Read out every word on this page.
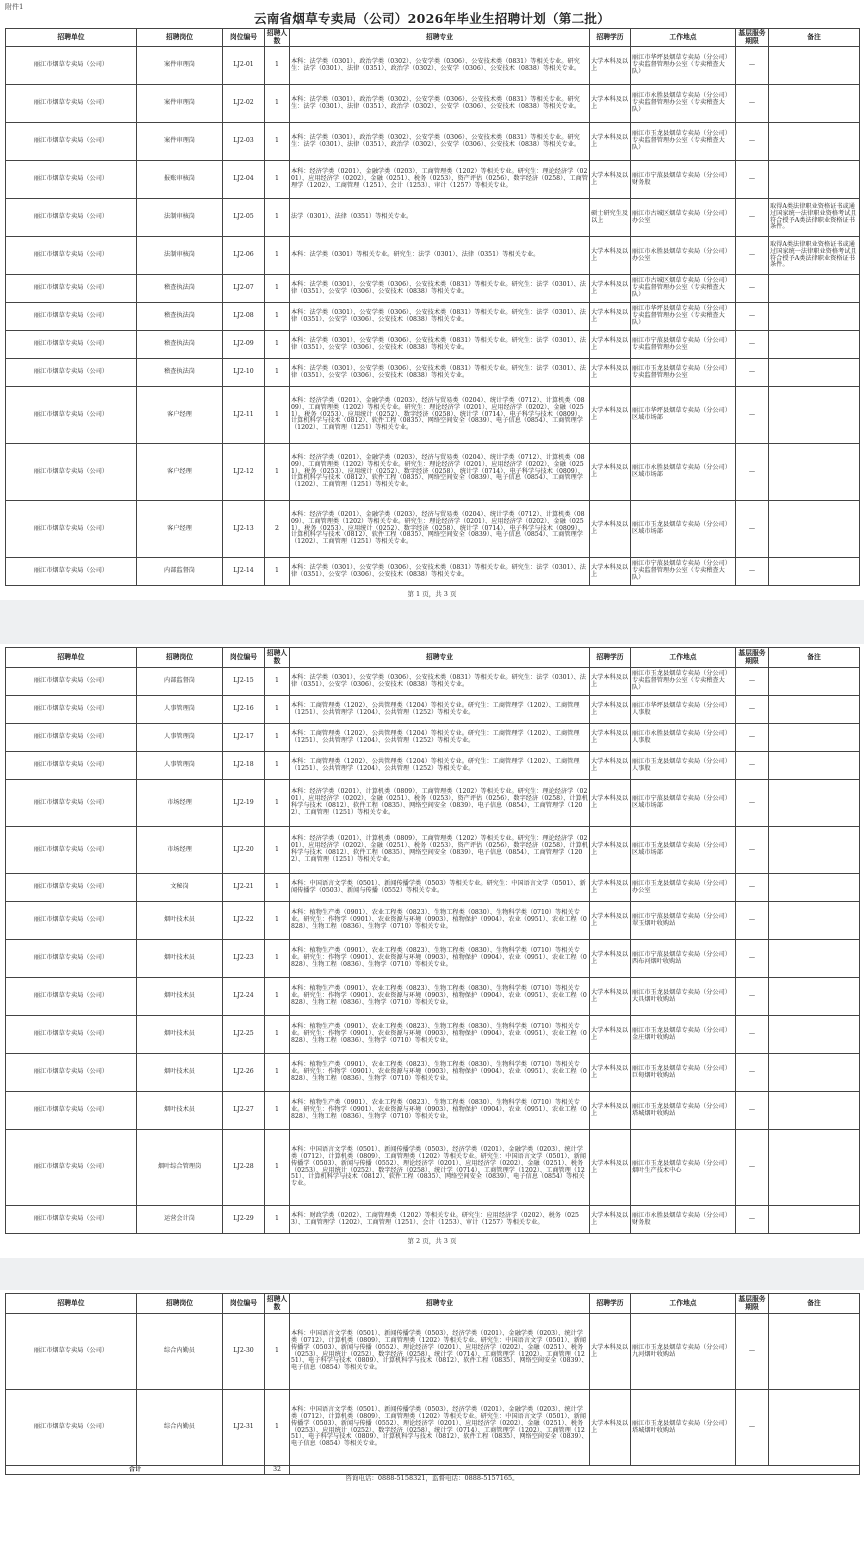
附件1
云南省烟草专卖局（公司）2026年毕业生招聘计划（第二批）
招聘单位	招聘岗位	岗位编号	招聘人数	招聘专业	招聘学历	工作地点	基层服务期限	备注
丽江市烟草专卖局（公司）	案件审理岗	LJ2-01	1	本科：法学类（0301）、政治学类（0302）、公安学类（0306）、公安技术类（0831）等相关专业。研究生：法学（0301）、法律（0351）、政治学（0302）、公安学（0306）、公安技术（0838）等相关专业。	大学本科及以上	丽江市华坪县烟草专卖局（分公司）专卖监督管理办公室（专卖稽查大队）	—	
丽江市烟草专卖局（公司）	案件审理岗	LJ2-02	1	本科：法学类（0301）、政治学类（0302）、公安学类（0306）、公安技术类（0831）等相关专业。研究生：法学（0301）、法律（0351）、政治学（0302）、公安学（0306）、公安技术（0838）等相关专业。	大学本科及以上	丽江市永胜县烟草专卖局（分公司）专卖监督管理办公室（专卖稽查大队）	—	
丽江市烟草专卖局（公司）	案件审理岗	LJ2-03	1	本科：法学类（0301）、政治学类（0302）、公安学类（0306）、公安技术类（0831）等相关专业。研究生：法学（0301）、法律（0351）、政治学（0302）、公安学（0306）、公安技术（0838）等相关专业。	大学本科及以上	丽江市玉龙县烟草专卖局（分公司）专卖监督管理办公室（专卖稽查大队）	—	
丽江市烟草专卖局（公司）	报账审核岗	LJ2-04	1	本科：经济学类（0201）、金融学类（0203）、工商管理类（1202）等相关专业。研究生：理论经济学（0201）、应用经济学（0202）、金融（0251）、税务（0253）、资产评估（0256）、数字经济（0258）、工商管理学（1202）、工商管理（1251）、会计（1253）、审计（1257）等相关专业。	大学本科及以上	丽江市宁蒗县烟草专卖局（分公司）财务股	—	
丽江市烟草专卖局（公司）	法制审核岗	LJ2-05	1	法学（0301）、法律（0351）等相关专业。	硕士研究生及以上	丽江市古城区烟草专卖局（分公司）办公室	—	取得A类法律职业资格证书或通过国家统一法律职业资格考试且符合授予A类法律职业资格证书条件。
丽江市烟草专卖局（公司）	法制审核岗	LJ2-06	1	本科：法学类（0301）等相关专业。研究生：法学（0301）、法律（0351）等相关专业。	大学本科及以上	丽江市永胜县烟草专卖局（分公司）办公室	—	取得A类法律职业资格证书或通过国家统一法律职业资格考试且符合授予A类法律职业资格证书条件。
丽江市烟草专卖局（公司）	稽查执法岗	LJ2-07	1	本科：法学类（0301）、公安学类（0306）、公安技术类（0831）等相关专业。研究生：法学（0301）、法律（0351）、公安学（0306）、公安技术（0838）等相关专业。	大学本科及以上	丽江市古城区烟草专卖局（分公司）专卖监督管理办公室（专卖稽查大队）	—	
丽江市烟草专卖局（公司）	稽查执法岗	LJ2-08	1	本科：法学类（0301）、公安学类（0306）、公安技术类（0831）等相关专业。研究生：法学（0301）、法律（0351）、公安学（0306）、公安技术（0838）等相关专业。	大学本科及以上	丽江市华坪县烟草专卖局（分公司）专卖监督管理办公室（专卖稽查大队）	—	
丽江市烟草专卖局（公司）	稽查执法岗	LJ2-09	1	本科：法学类（0301）、公安学类（0306）、公安技术类（0831）等相关专业。研究生：法学（0301）、法律（0351）、公安学（0306）、公安技术（0838）等相关专业。	大学本科及以上	丽江市宁蒗县烟草专卖局（分公司）专卖监督管理办公室	—	
丽江市烟草专卖局（公司）	稽查执法岗	LJ2-10	1	本科：法学类（0301）、公安学类（0306）、公安技术类（0831）等相关专业。研究生：法学（0301）、法律（0351）、公安学（0306）、公安技术（0838）等相关专业。	大学本科及以上	丽江市玉龙县烟草专卖局（分公司）专卖监督管理办公室	—	
丽江市烟草专卖局（公司）	客户经理	LJ2-11	1	本科：经济学类（0201）、金融学类（0203）、经济与贸易类（0204）、统计学类（0712）、计算机类（0809）、工商管理类（1202）等相关专业。研究生：理论经济学（0201）、应用经济学（0202）、金融（0251）、税务（0253）、应用统计（0252）、数字经济（0258）、统计学（0714）、电子科学与技术（0809）、计算机科学与技术（0812）、软件工程（0835）、网络空间安全（0839）、电子信息（0854）、工商管理学（1202）、工商管理（1251）等相关专业。	大学本科及以上	丽江市华坪县烟草专卖局（分公司）区域市场部	—	
丽江市烟草专卖局（公司）	客户经理	LJ2-12	1	本科：经济学类（0201）、金融学类（0203）、经济与贸易类（0204）、统计学类（0712）、计算机类（0809）、工商管理类（1202）等相关专业。研究生：理论经济学（0201）、应用经济学（0202）、金融（0251）、税务（0253）、应用统计（0252）、数字经济（0258）、统计学（0714）、电子科学与技术（0809）、计算机科学与技术（0812）、软件工程（0835）、网络空间安全（0839）、电子信息（0854）、工商管理学（1202）、工商管理（1251）等相关专业。	大学本科及以上	丽江市永胜县烟草专卖局（分公司）区域市场部	—	
丽江市烟草专卖局（公司）	客户经理	LJ2-13	2	本科：经济学类（0201）、金融学类（0203）、经济与贸易类（0204）、统计学类（0712）、计算机类（0809）、工商管理类（1202）等相关专业。研究生：理论经济学（0201）、应用经济学（0202）、金融（0251）、税务（0253）、应用统计（0252）、数字经济（0258）、统计学（0714）、电子科学与技术（0809）、计算机科学与技术（0812）、软件工程（0835）、网络空间安全（0839）、电子信息（0854）、工商管理学（1202）、工商管理（1251）等相关专业。	大学本科及以上	丽江市玉龙县烟草专卖局（分公司）区域市场部	—	
丽江市烟草专卖局（公司）	内部监督岗	LJ2-14	1	本科：法学类（0301）、公安学类（0306）、公安技术类（0831）等相关专业。研究生：法学（0301）、法律（0351）、公安学（0306）、公安技术（0838）等相关专业。	大学本科及以上	丽江市宁蒗县烟草专卖局（分公司）专卖监督管理办公室（专卖稽查大队）	—	
第 1 页，共 3 页
招聘单位	招聘岗位	岗位编号	招聘人数	招聘专业	招聘学历	工作地点	基层服务期限	备注
丽江市烟草专卖局（公司）	内部监督岗	LJ2-15	1	本科：法学类（0301）、公安学类（0306）、公安技术类（0831）等相关专业。研究生：法学（0301）、法律（0351）、公安学（0306）、公安技术（0838）等相关专业。	大学本科及以上	丽江市玉龙县烟草专卖局（分公司）专卖监督管理办公室（专卖稽查大队）	—	
丽江市烟草专卖局（公司）	人事管理岗	LJ2-16	1	本科：工商管理类（1202）、公共管理类（1204）等相关专业。研究生：工商管理学（1202）、工商管理（1251）、公共管理学（1204）、公共管理（1252）等相关专业。	大学本科及以上	丽江市华坪县烟草专卖局（分公司）人事股	—	
丽江市烟草专卖局（公司）	人事管理岗	LJ2-17	1	本科：工商管理类（1202）、公共管理类（1204）等相关专业。研究生：工商管理学（1202）、工商管理（1251）、公共管理学（1204）、公共管理（1252）等相关专业。	大学本科及以上	丽江市永胜县烟草专卖局（分公司）人事股	—	
丽江市烟草专卖局（公司）	人事管理岗	LJ2-18	1	本科：工商管理类（1202）、公共管理类（1204）等相关专业。研究生：工商管理学（1202）、工商管理（1251）、公共管理学（1204）、公共管理（1252）等相关专业。	大学本科及以上	丽江市玉龙县烟草专卖局（分公司）人事股	—	
丽江市烟草专卖局（公司）	市场经理	LJ2-19	1	本科：经济学类（0201）、计算机类（0809）、工商管理类（1202）等相关专业。研究生：理论经济学（0201）、应用经济学（0202）、金融（0251）、税务（0253）、资产评估（0256）、数字经济（0258）、计算机科学与技术（0812）、软件工程（0835）、网络空间安全（0839）、电子信息（0854）、工商管理学（1202）、工商管理（1251）等相关专业。	大学本科及以上	丽江市宁蒗县烟草专卖局（分公司）区域市场部	—	
丽江市烟草专卖局（公司）	市场经理	LJ2-20	1	本科：经济学类（0201）、计算机类（0809）、工商管理类（1202）等相关专业。研究生：理论经济学（0201）、应用经济学（0202）、金融（0251）、税务（0253）、资产评估（0256）、数字经济（0258）、计算机科学与技术（0812）、软件工程（0835）、网络空间安全（0839）、电子信息（0854）、工商管理学（1202）、工商管理（1251）等相关专业。	大学本科及以上	丽江市玉龙县烟草专卖局（分公司）区域市场部	—	
丽江市烟草专卖局（公司）	文秘岗	LJ2-21	1	本科：中国语言文学类（0501）、新闻传播学类（0503）等相关专业。研究生：中国语言文学（0501）、新闻传播学（0503）、新闻与传播（0552）等相关专业。	大学本科及以上	丽江市玉龙县烟草专卖局（分公司）办公室	—	
丽江市烟草专卖局（公司）	烟叶技术员	LJ2-22	1	本科：植物生产类（0901）、农业工程类（0823）、生物工程类（0830）、生物科学类（0710）等相关专业。研究生：作物学（0901）、农业资源与环境（0903）、植物保护（0904）、农业（0951）、农业工程（0828）、生物工程（0836）、生物学（0710）等相关专业。	大学本科及以上	丽江市宁蒗县烟草专卖局（分公司）翠玉烟叶收购站	—	
丽江市烟草专卖局（公司）	烟叶技术员	LJ2-23	1	本科：植物生产类（0901）、农业工程类（0823）、生物工程类（0830）、生物科学类（0710）等相关专业。研究生：作物学（0901）、农业资源与环境（0903）、植物保护（0904）、农业（0951）、农业工程（0828）、生物工程（0836）、生物学（0710）等相关专业。	大学本科及以上	丽江市宁蒗县烟草专卖局（分公司）西布河烟叶收购站	—	
丽江市烟草专卖局（公司）	烟叶技术员	LJ2-24	1	本科：植物生产类（0901）、农业工程类（0823）、生物工程类（0830）、生物科学类（0710）等相关专业。研究生：作物学（0901）、农业资源与环境（0903）、植物保护（0904）、农业（0951）、农业工程（0828）、生物工程（0836）、生物学（0710）等相关专业。	大学本科及以上	丽江市玉龙县烟草专卖局（分公司）大具烟叶收购站	—	
丽江市烟草专卖局（公司）	烟叶技术员	LJ2-25	1	本科：植物生产类（0901）、农业工程类（0823）、生物工程类（0830）、生物科学类（0710）等相关专业。研究生：作物学（0901）、农业资源与环境（0903）、植物保护（0904）、农业（0951）、农业工程（0828）、生物工程（0836）、生物学（0710）等相关专业。	大学本科及以上	丽江市玉龙县烟草专卖局（分公司）金庄烟叶收购站	—	
丽江市烟草专卖局（公司）	烟叶技术员	LJ2-26	1	本科：植物生产类（0901）、农业工程类（0823）、生物工程类（0830）、生物科学类（0710）等相关专业。研究生：作物学（0901）、农业资源与环境（0903）、植物保护（0904）、农业（0951）、农业工程（0828）、生物工程（0836）、生物学（0710）等相关专业。	大学本科及以上	丽江市玉龙县烟草专卖局（分公司）巨甸烟叶收购站	—	
丽江市烟草专卖局（公司）	烟叶技术员	LJ2-27	1	本科：植物生产类（0901）、农业工程类（0823）、生物工程类（0830）、生物科学类（0710）等相关专业。研究生：作物学（0901）、农业资源与环境（0903）、植物保护（0904）、农业（0951）、农业工程（0828）、生物工程（0836）、生物学（0710）等相关专业。	大学本科及以上	丽江市玉龙县烟草专卖局（分公司）塔城烟叶收购站	—	
丽江市烟草专卖局（公司）	烟叶综合管理岗	LJ2-28	1	本科：中国语言文学类（0501）、新闻传播学类（0503）、经济学类（0201）、金融学类（0203）、统计学类（0712）、计算机类（0809）、工商管理类（1202）等相关专业。研究生：中国语言文学（0501）、新闻传播学（0503）、新闻与传播（0552）、理论经济学（0201）、应用经济学（0202）、金融（0251）、税务（0253）、应用统计（0252）、数字经济（0258）、统计学（0714）、工商管理学（1202）、工商管理（1251）、计算机科学与技术（0812）、软件工程（0835）、网络空间安全（0839）、电子信息（0854）等相关专业。	大学本科及以上	丽江市玉龙县烟草专卖局（分公司）烟叶生产技术中心	—	
丽江市烟草专卖局（公司）	运营会计岗	LJ2-29	1	本科：财政学类（0202）、工商管理类（1202）等相关专业。研究生：应用经济学（0202）、税务（0253）、工商管理学（1202）、工商管理（1251）、会计（1253）、审计（1257）等相关专业。	大学本科及以上	丽江市永胜县烟草专卖局（分公司）财务股	—	
第 2 页，共 3 页
招聘单位	招聘岗位	岗位编号	招聘人数	招聘专业	招聘学历	工作地点	基层服务期限	备注
丽江市烟草专卖局（公司）	综合内勤员	LJ2-30	1	本科：中国语言文学类（0501）、新闻传播学类（0503）、经济学类（0201）、金融学类（0203）、统计学类（0712）、计算机类（0809）、工商管理类（1202）等相关专业。研究生：中国语言文学（0501）、新闻传播学（0503）、新闻与传播（0552）、理论经济学（0201）、应用经济学（0202）、金融（0251）、税务（0253）、应用统计（0252）、数字经济（0258）、统计学（0714）、工商管理学（1202）、工商管理（1251）、电子科学与技术（0809）、计算机科学与技术（0812）、软件工程（0835）、网络空间安全（0839）、电子信息（0854）等相关专业。	大学本科及以上	丽江市玉龙县烟草专卖局（分公司）九河烟叶收购站	—	
丽江市烟草专卖局（公司）	综合内勤员	LJ2-31	1	本科：中国语言文学类（0501）、新闻传播学类（0503）、经济学类（0201）、金融学类（0203）、统计学类（0712）、计算机类（0809）、工商管理类（1202）等相关专业。研究生：中国语言文学（0501）、新闻传播学（0503）、新闻与传播（0552）、理论经济学（0201）、应用经济学（0202）、金融（0251）、税务（0253）、应用统计（0252）、数字经济（0258）、统计学（0714）、工商管理学（1202）、工商管理（1251）、电子科学与技术（0809）、计算机科学与技术（0812）、软件工程（0835）、网络空间安全（0839）、电子信息（0854）等相关专业。	大学本科及以上	丽江市玉龙县烟草专卖局（分公司）塔城烟叶收购站	—	
合计			32					
咨询电话：0888-5158321，监督电话：0888-5157165。
